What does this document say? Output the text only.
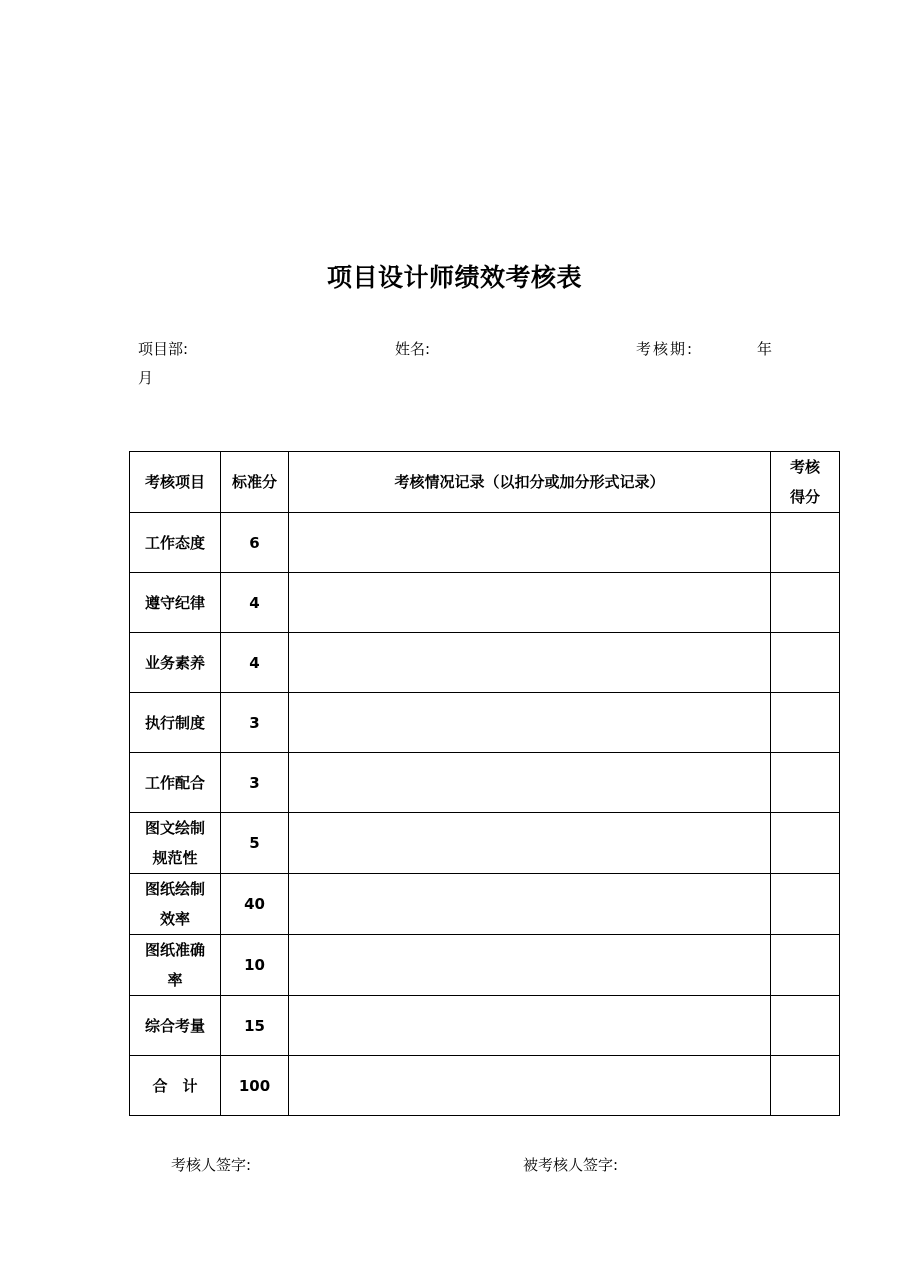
项目设计师绩效考核表
项目部:	姓名:	考核期:	年
月
考核项目	标准分	考核情况记录（以扣分或加分形式记录）	考核
得分

工作态度	6		

遵守纪律	4		

业务素养	4		

执行制度	3		

工作配合	3		

图文绘制
规范性	5		

图纸绘制
效率	40		

图纸准确
率	10		

综合考量	15		

合　计	100		
考核人签字:	被考核人签字:
